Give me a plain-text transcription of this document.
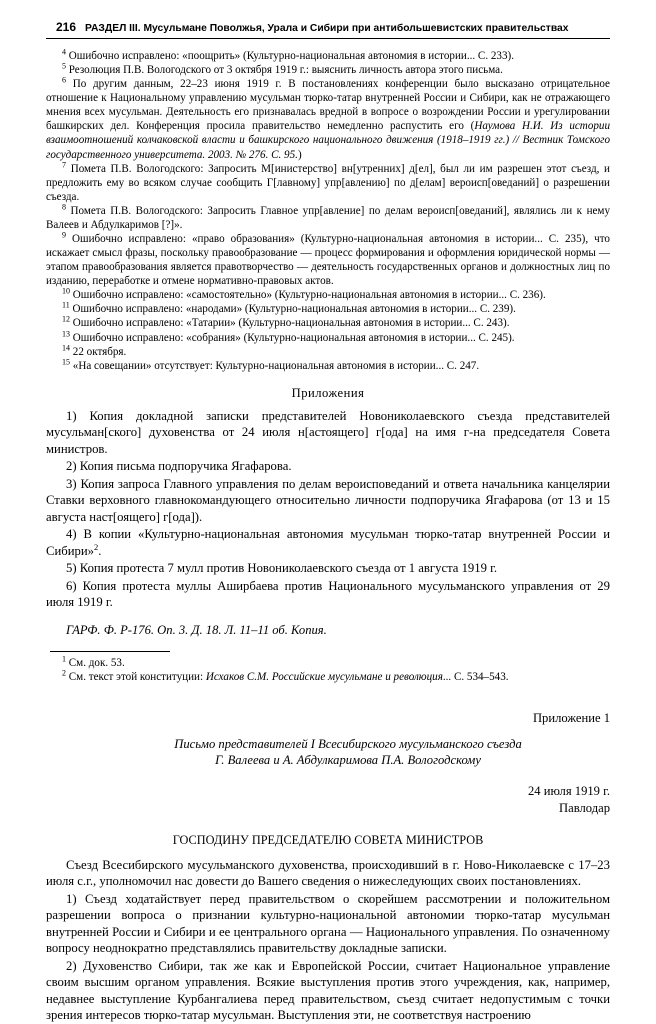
216 РАЗДЕЛ III. Мусульмане Поволжья, Урала и Сибири при антибольшевистских правительствах
$^4$ Ошибочно исправлено: «поощрить» (Культурно-национальная автономия в истории... С. 233).
$^5$ Резолюция П.В. Вологодского от 3 октября 1919 г.: выяснить личность автора этого письма.
$^6$ По другим данным, 22–23 июня 1919 г. В постановлениях конференции было высказано отрицательное отношение к Национальному управлению мусульман тюрко-татар внутренней России и Сибири, как не отражающего мнения всех мусульман. Деятельность его признавалась вредной в вопросе о возрождении России и урегулировании башкирских дел. Конференция просила правительство немедленно распустить его (Наумова Н.И. Из истории взаимоотношений колчаковской власти и башкирского национального движения (1918–1919 гг.) // Вестник Томского государственного университета. 2003. № 276. С. 95.)
$^7$ Помета П.В. Вологодского: Запросить М[инистерство] вн[утренних] д[ел], был ли им разрешен этот съезд, и предложить ему во всяком случае сообщить Г[лавному] упр[авлению] по д[елам] вероисп[оведаний] о разрешении съезда.
$^8$ Помета П.В. Вологодского: Запросить Главное упр[авление] по делам вероисп[оведаний], являлись ли к нему Валеев и Абдулкаримов [?]».
$^9$ Ошибочно исправлено: «право образования» (Культурно-национальная автономия в истории... С. 235), что искажает смысл фразы, поскольку правообразование — процесс формирования и оформления юридической нормы — этапом правообразования является правотворчество — деятельность государственных органов и должностных лиц по изданию, переработке и отмене нормативно-правовых актов.
$^{10}$ Ошибочно исправлено: «самостоятельно» (Культурно-национальная автономия в истории... С. 236).
$^{11}$ Ошибочно исправлено: «народами» (Культурно-национальная автономия в истории... С. 239).
$^{12}$ Ошибочно исправлено: «Татарии» (Культурно-национальная автономия в истории... С. 243).
$^{13}$ Ошибочно исправлено: «собрания» (Культурно-национальная автономия в истории... С. 245).
$^{14}$ 22 октября.
$^{15}$ «На совещании» отсутствует: Культурно-национальная автономия в истории... С. 247.
Приложения

1) Копия докладной записки представителей Новониколаевского съезда представителей мусульман[ского] духовенства от 24 июля н[астоящего] г[ода] на имя г-на председателя Совета министров.

2) Копия письма подпоручика Ягафарова.

3) Копия запроса Главного управления по делам вероисповеданий и ответа начальника канцелярии Ставки верховного главнокомандующего относительно личности подпоручика Ягафарова (от 13 и 15 августа наст[оящего] г[ода]).

4) В копии «Культурно-национальная автономия мусульман тюрко-татар внутренней России и Сибири»$^2$.

5) Копия протеста 7 мулл против Новониколаевского съезда от 1 августа 1919 г.

6) Копия протеста муллы Аширбаева против Национального мусульманского управления от 29 июля 1919 г.

ГАРФ. Ф. Р-176. Оп. 3. Д. 18. Л. 11–11 об. Копия.
$^1$ См. док. 53.
$^2$ См. текст этой конституции: Исхаков С.М. Российские мусульмане и революция... С. 534–543.
Приложение 1
Письмо представителей I Всесибирского мусульманского съезда
Г. Валеева и А. Абдулкаримова П.А. Вологодскому
24 июля 1919 г.
Павлодар
ГОСПОДИНУ ПРЕДСЕДАТЕЛЮ СОВЕТА МИНИСТРОВ

Съезд Всесибирского мусульманского духовенства, происходивший в г. Ново-Николаевске с 17–23 июля с.г., уполномочил нас довести до Вашего сведения о нижеследующих своих постановлениях.

1) Съезд ходатайствует перед правительством о скорейшем рассмотрении и положительном разрешении вопроса о признании культурно-национальной автономии тюрко-татар мусульман внутренней России и Сибири и ее центрального органа — Национального управления. По означенному вопросу неоднократно представлялись правительству докладные записки.

2) Духовенство Сибири, так же как и Европейской России, считает Национальное управление своим высшим органом управления. Всякие выступления против этого учреждения, как, например, недавнее выступление Курбангалиева перед правительством, съезд считает недопустимым с точки зрения интересов тюрко-татар мусульман. Выступления эти, не соответствуя настроению
